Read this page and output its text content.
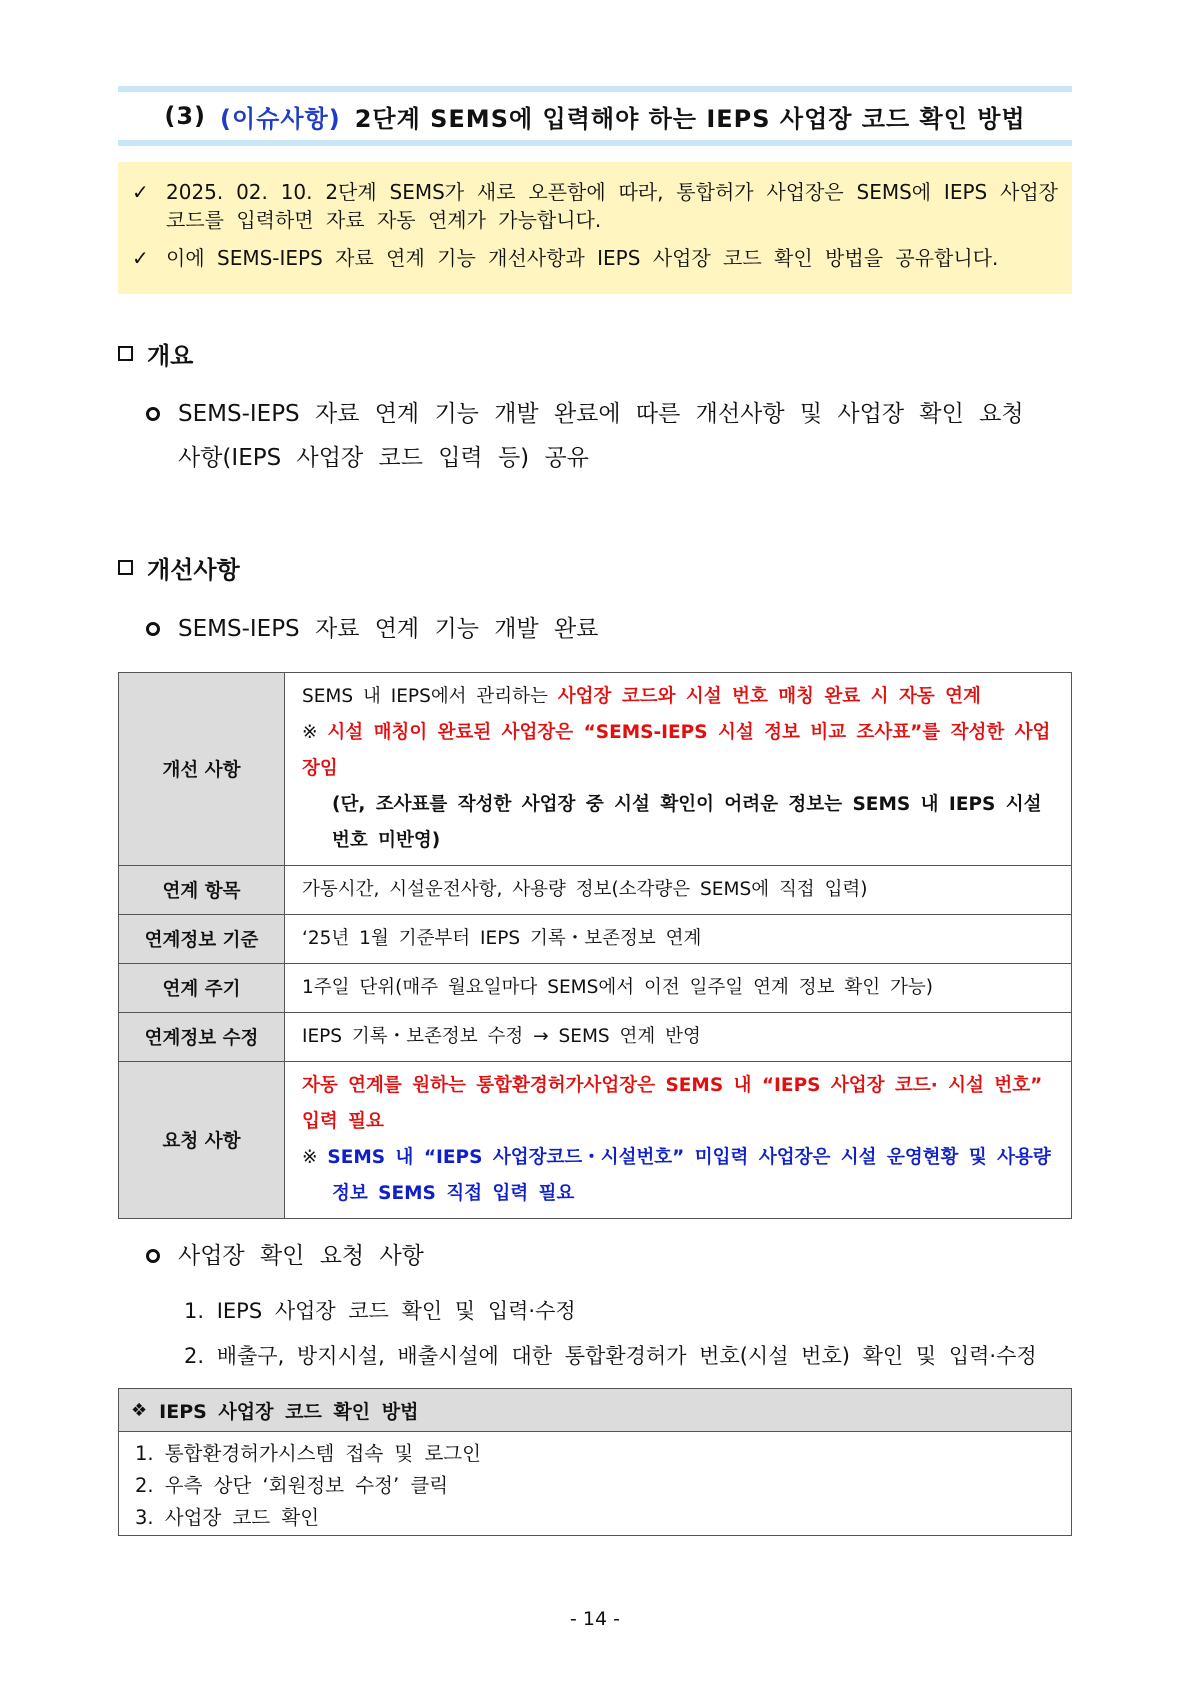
(3) (이슈사항) 2단계 SEMS에 입력해야 하는 IEPS 사업장 코드 확인 방법
✓ 2025. 02. 10. 2단계 SEMS가 새로 오픈함에 따라, 통합허가 사업장은 SEMS에 IEPS 사업장 코드를 입력하면 자료 자동 연계가 가능합니다.
✓ 이에 SEMS-IEPS 자료 연계 기능 개선사항과 IEPS 사업장 코드 확인 방법을 공유합니다.
개요
SEMS-IEPS 자료 연계 기능 개발 완료에 따른 개선사항 및 사업장 확인 요청
사항(IEPS 사업장 코드 입력 등) 공유
개선사항
SEMS-IEPS 자료 연계 기능 개발 완료
개선 사항	SEMS 내 IEPS에서 관리하는 사업장 코드와 시설 번호 매칭 완료 시 자동 연계
※ 시설 매칭이 완료된 사업장은 “SEMS-IEPS 시설 정보 비교 조사표”를 작성한 사업장임
(단, 조사표를 작성한 사업장 중 시설 확인이 어려운 정보는 SEMS 내 IEPS 시설
번호 미반영)

연계 항목	가동시간, 시설운전사항, 사용량 정보(소각량은 SEMS에 직접 입력)
연계정보 기준	‘25년 1월 기준부터 IEPS 기록・보존정보 연계
연계 주기	1주일 단위(매주 월요일마다 SEMS에서 이전 일주일 연계 정보 확인 가능)
연계정보 수정	IEPS 기록・보존정보 수정 → SEMS 연계 반영
요청 사항	자동 연계를 원하는 통합환경허가사업장은 SEMS 내 “IEPS 사업장 코드· 시설 번호”
입력 필요
※ SEMS 내 “IEPS 사업장코드・시설번호” 미입력 사업장은 시설 운영현황 및 사용량
정보 SEMS 직접 입력 필요
사업장 확인 요청 사항
1. IEPS 사업장 코드 확인 및 입력·수정
2. 배출구, 방지시설, 배출시설에 대한 통합환경허가 번호(시설 번호) 확인 및 입력·수정
❖ IEPS 사업장 코드 확인 방법
1. 통합환경허가시스템 접속 및 로그인
2. 우측 상단 ‘회원정보 수정’ 클릭
3. 사업장 코드 확인
- 14 -
